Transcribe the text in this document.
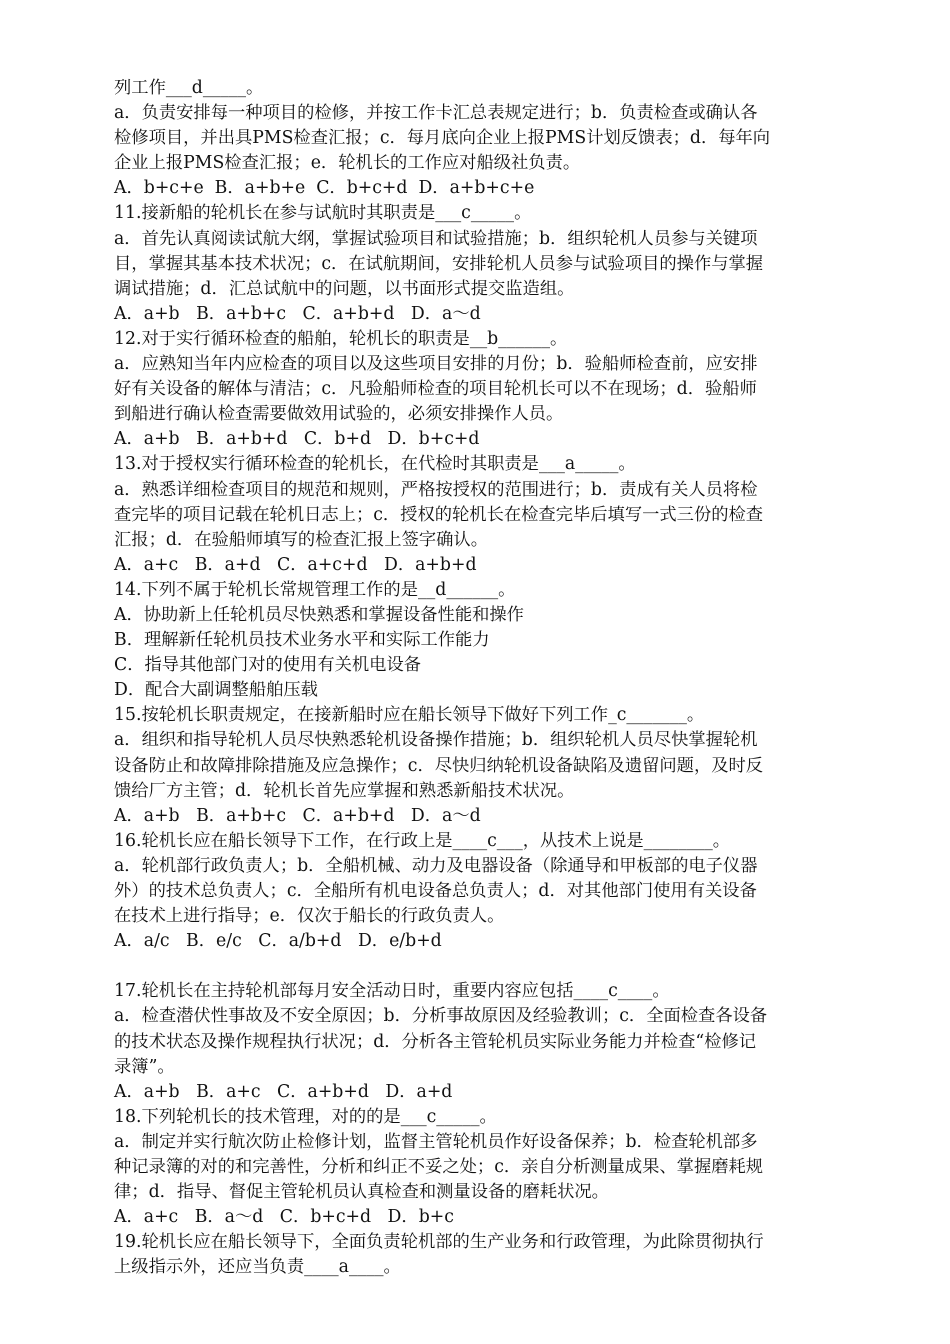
列工作___d_____。
a．负责安排每一种项目的检修，并按工作卡汇总表规定进行；b．负责检查或确认各
检修项目，并出具PMS检查汇报；c．每月底向企业上报PMS计划反馈表；d．每年向
企业上报PMS检查汇报；e．轮机长的工作应对船级社负责。
A．b+c+e  B．a+b+e  C．b+c+d  D．a+b+c+e
11.接新船的轮机长在参与试航时其职责是___c_____。
a．首先认真阅读试航大纲，掌握试验项目和试验措施；b．组织轮机人员参与关键项
目，掌握其基本技术状况；c．在试航期间，安排轮机人员参与试验项目的操作与掌握
调试措施；d．汇总试航中的问题，以书面形式提交监造组。
A．a+b   B．a+b+c   C．a+b+d   D．a～d
12.对于实行循环检查的船舶，轮机长的职责是__b______。
a．应熟知当年内应检查的项目以及这些项目安排的月份；b．验船师检查前，应安排
好有关设备的解体与清洁；c．凡验船师检查的项目轮机长可以不在现场；d．验船师
到船进行确认检查需要做效用试验的，必须安排操作人员。
A．a+b   B．a+b+d   C．b+d   D．b+c+d
13.对于授权实行循环检查的轮机长，在代检时其职责是___a_____。
a．熟悉详细检查项目的规范和规则，严格按授权的范围进行；b．责成有关人员将检
查完毕的项目记载在轮机日志上；c．授权的轮机长在检查完毕后填写一式三份的检查
汇报；d．在验船师填写的检查汇报上签字确认。
A．a+c   B．a+d   C．a+c+d   D．a+b+d
14.下列不属于轮机长常规管理工作的是__d______。
A．协助新上任轮机员尽快熟悉和掌握设备性能和操作
B．理解新任轮机员技术业务水平和实际工作能力
C．指导其他部门对的使用有关机电设备
D．配合大副调整船舶压载
15.按轮机长职责规定，在接新船时应在船长领导下做好下列工作_c_______。
a．组织和指导轮机人员尽快熟悉轮机设备操作措施；b．组织轮机人员尽快掌握轮机
设备防止和故障排除措施及应急操作；c．尽快归纳轮机设备缺陷及遗留问题，及时反
馈给厂方主管；d．轮机长首先应掌握和熟悉新船技术状况。
A．a+b   B．a+b+c   C．a+b+d   D．a～d
16.轮机长应在船长领导下工作，在行政上是____c___，从技术上说是________。
a．轮机部行政负责人；b．全船机械、动力及电器设备（除通导和甲板部的电子仪器
外）的技术总负责人；c．全船所有机电设备总负责人；d．对其他部门使用有关设备
在技术上进行指导；e．仅次于船长的行政负责人。
A．a/c   B．e/c   C．a/b+d   D．e/b+d
17.轮机长在主持轮机部每月安全活动日时，重要内容应包括____c____。
a．检查潜伏性事故及不安全原因；b．分析事故原因及经验教训；c．全面检查各设备
的技术状态及操作规程执行状况；d．分析各主管轮机员实际业务能力并检查“检修记
录簿”。
A．a+b   B．a+c   C．a+b+d   D．a+d
18.下列轮机长的技术管理，对的的是___c_____。
a．制定并实行航次防止检修计划，监督主管轮机员作好设备保养；b．检查轮机部多
种记录簿的对的和完善性，分析和纠正不妥之处；c．亲自分析测量成果、掌握磨耗规
律；d．指导、督促主管轮机员认真检查和测量设备的磨耗状况。
A．a+c   B．a～d   C．b+c+d   D．b+c
19.轮机长应在船长领导下，全面负责轮机部的生产业务和行政管理，为此除贯彻执行
上级指示外，还应当负责____a____。
